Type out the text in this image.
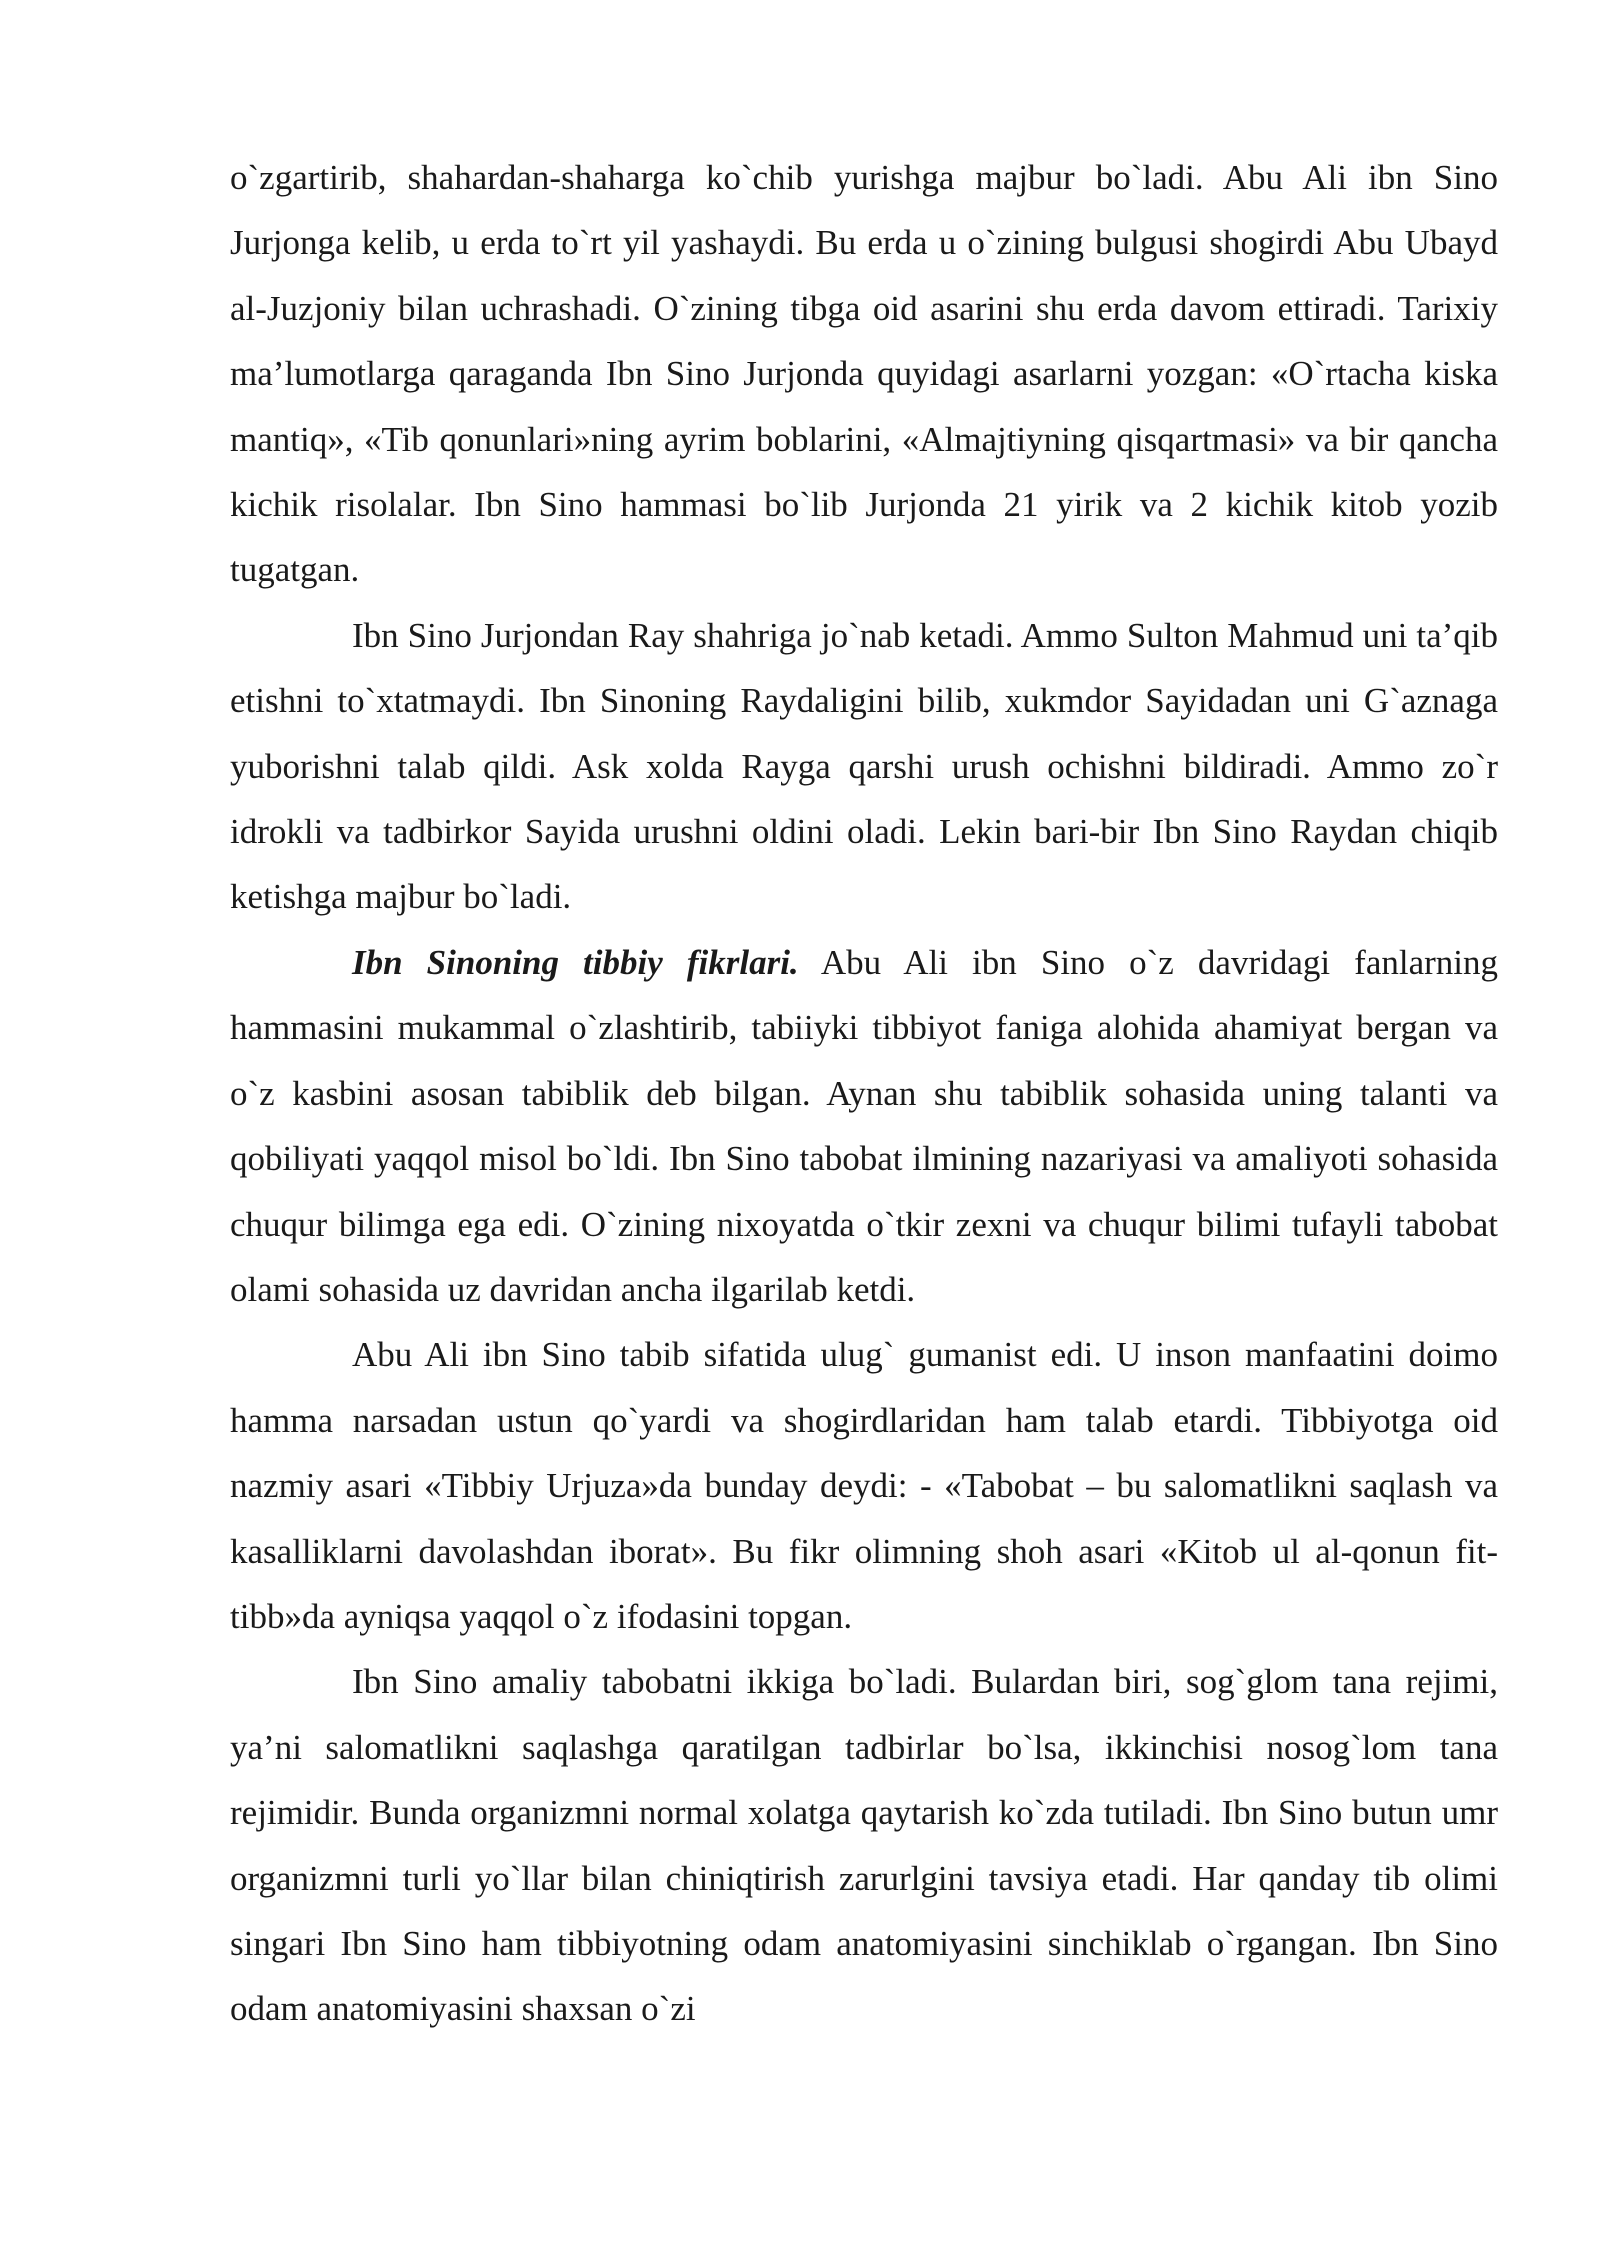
o`zgartirib, shahardan-shaharga ko`chib yurishga majbur bo`ladi. Abu Ali ibn Sino Jurjonga kelib, u erda to`rt yil yashaydi. Bu erda u o`zining bulgusi shogirdi Abu Ubayd al-Juzjoniy bilan uchrashadi. O`zining tibga oid asarini shu erda davom ettiradi. Tarixiy ma’lumotlarga qaraganda Ibn Sino Jurjonda quyidagi asarlarni yozgan: «O`rtacha kiska mantiq», «Tib qonunlari»ning ayrim boblarini, «Almajtiyning qisqartmasi» va bir qancha kichik risolalar. Ibn Sino hammasi bo`lib Jurjonda 21 yirik va 2 kichik kitob yozib tugatgan.

Ibn Sino Jurjondan Ray shahriga jo`nab ketadi. Ammo Sulton Mahmud uni ta’qib etishni to`xtatmaydi. Ibn Sinoning Raydaligini bilib, xukmdor Sayidadan uni G`aznaga yuborishni talab qildi. Ask xolda Rayga qarshi urush ochishni bildiradi. Ammo zo`r idrokli va tadbirkor Sayida urushni oldini oladi. Lekin bari-bir Ibn Sino Raydan chiqib ketishga majbur bo`ladi.

Ibn Sinoning tibbiy fikrlari. Abu Ali ibn Sino o`z davridagi fanlarning hammasini mukammal o`zlashtirib, tabiiyki tibbiyot faniga alohida ahamiyat bergan va o`z kasbini asosan tabiblik deb bilgan. Aynan shu tabiblik sohasida uning talanti va qobiliyati yaqqol misol bo`ldi. Ibn Sino tabobat ilmining nazariyasi va amaliyoti sohasida chuqur bilimga ega edi. O`zining nixoyatda o`tkir zexni va chuqur bilimi tufayli tabobat olami sohasida uz davridan ancha ilgarilab ketdi.

Abu Ali ibn Sino tabib sifatida ulug` gumanist edi. U inson manfaatini doimo hamma narsadan ustun qo`yardi va shogirdlaridan ham talab etardi. Tibbiyotga oid nazmiy asari «Tibbiy Urjuza»da bunday deydi: - «Tabobat – bu salomatlikni saqlash va kasalliklarni davolashdan iborat». Bu fikr olimning shoh asari «Kitob ul al-qonun fit-tibb»da ayniqsa yaqqol o`z ifodasini topgan.

Ibn Sino amaliy tabobatni ikkiga bo`ladi. Bulardan biri, sog`glom tana rejimi, ya’ni salomatlikni saqlashga qaratilgan tadbirlar bo`lsa, ikkinchisi nosog`lom tana rejimidir. Bunda organizmni normal xolatga qaytarish ko`zda tutiladi. Ibn Sino butun umr organizmni turli yo`llar bilan chiniqtirish zarurlgini tavsiya etadi. Har qanday tib olimi singari Ibn Sino ham tibbiyotning odam anatomiyasini sinchiklab o`rgangan. Ibn Sino odam anatomiyasini shaxsan o`zi
